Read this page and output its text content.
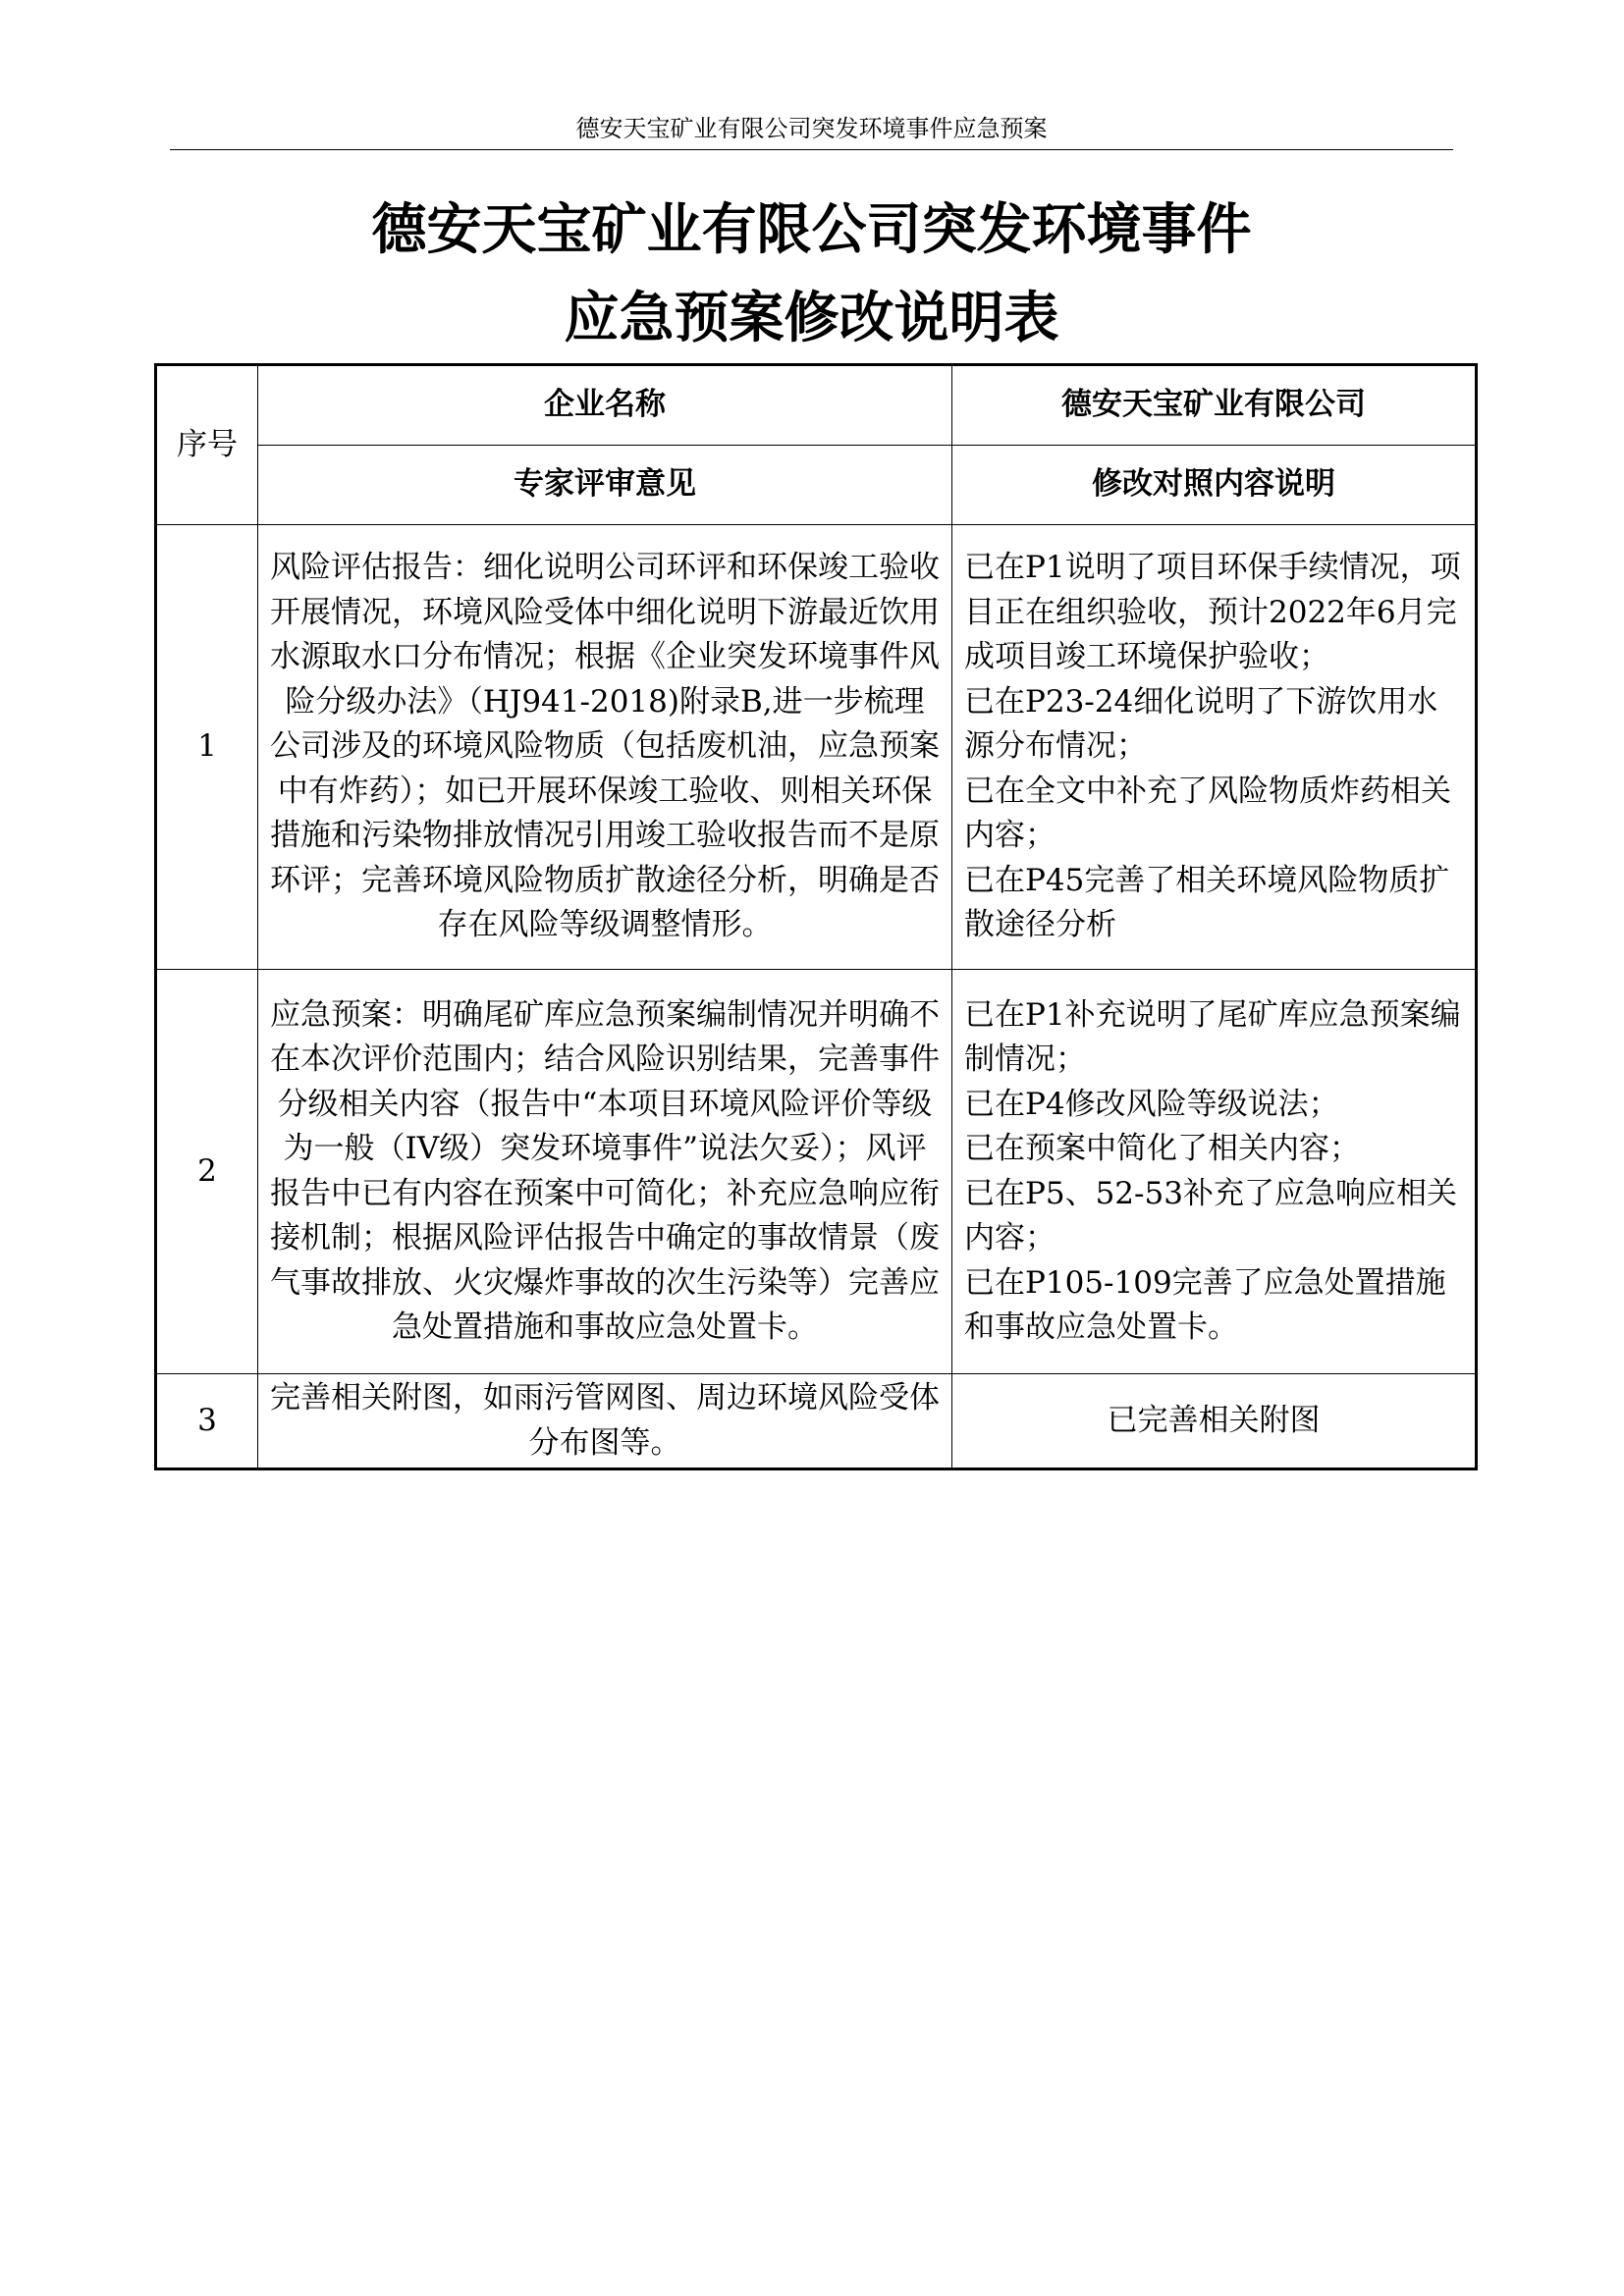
德安天宝矿业有限公司突发环境事件应急预案
德安天宝矿业有限公司突发环境事件
应急预案修改说明表
序号	企业名称	德安天宝矿业有限公司
	专家评审意见	修改对照内容说明
1	风险评估报告：细化说明公司环评和环保竣工验收开展情况，环境风险受体中细化说明下游最近饮用水源取水口分布情况；根据《企业突发环境事件风险分级办法》（HJ941-2018)附录B,进一步梳理公司涉及的环境风险物质（包括废机油，应急预案中有炸药）；如已开展环保竣工验收、则相关环保措施和污染物排放情况引用竣工验收报告而不是原环评；完善环境风险物质扩散途径分析，明确是否存在风险等级调整情形。	已在P1说明了项目环保手续情况，项目正在组织验收，预计2022年6月完成项目竣工环境保护验收；
已在P23-24细化说明了下游饮用水源分布情况；
已在全文中补充了风险物质炸药相关内容；
已在P45完善了相关环境风险物质扩散途径分析

2	应急预案：明确尾矿库应急预案编制情况并明确不在本次评价范围内；结合风险识别结果，完善事件分级相关内容（报告中“本项目环境风险评价等级为一般（IV级）突发环境事件”说法欠妥）；风评报告中已有内容在预案中可简化；补充应急响应衔接机制；根据风险评估报告中确定的事故情景（废气事故排放、火灾爆炸事故的次生污染等）完善应急处置措施和事故应急处置卡。	已在P1补充说明了尾矿库应急预案编制情况；
已在P4修改风险等级说法；
已在预案中简化了相关内容；
已在P5、52-53补充了应急响应相关内容；
已在P105-109完善了应急处置措施和事故应急处置卡。

3	完善相关附图，如雨污管网图、周边环境风险受体分布图等。	已完善相关附图
